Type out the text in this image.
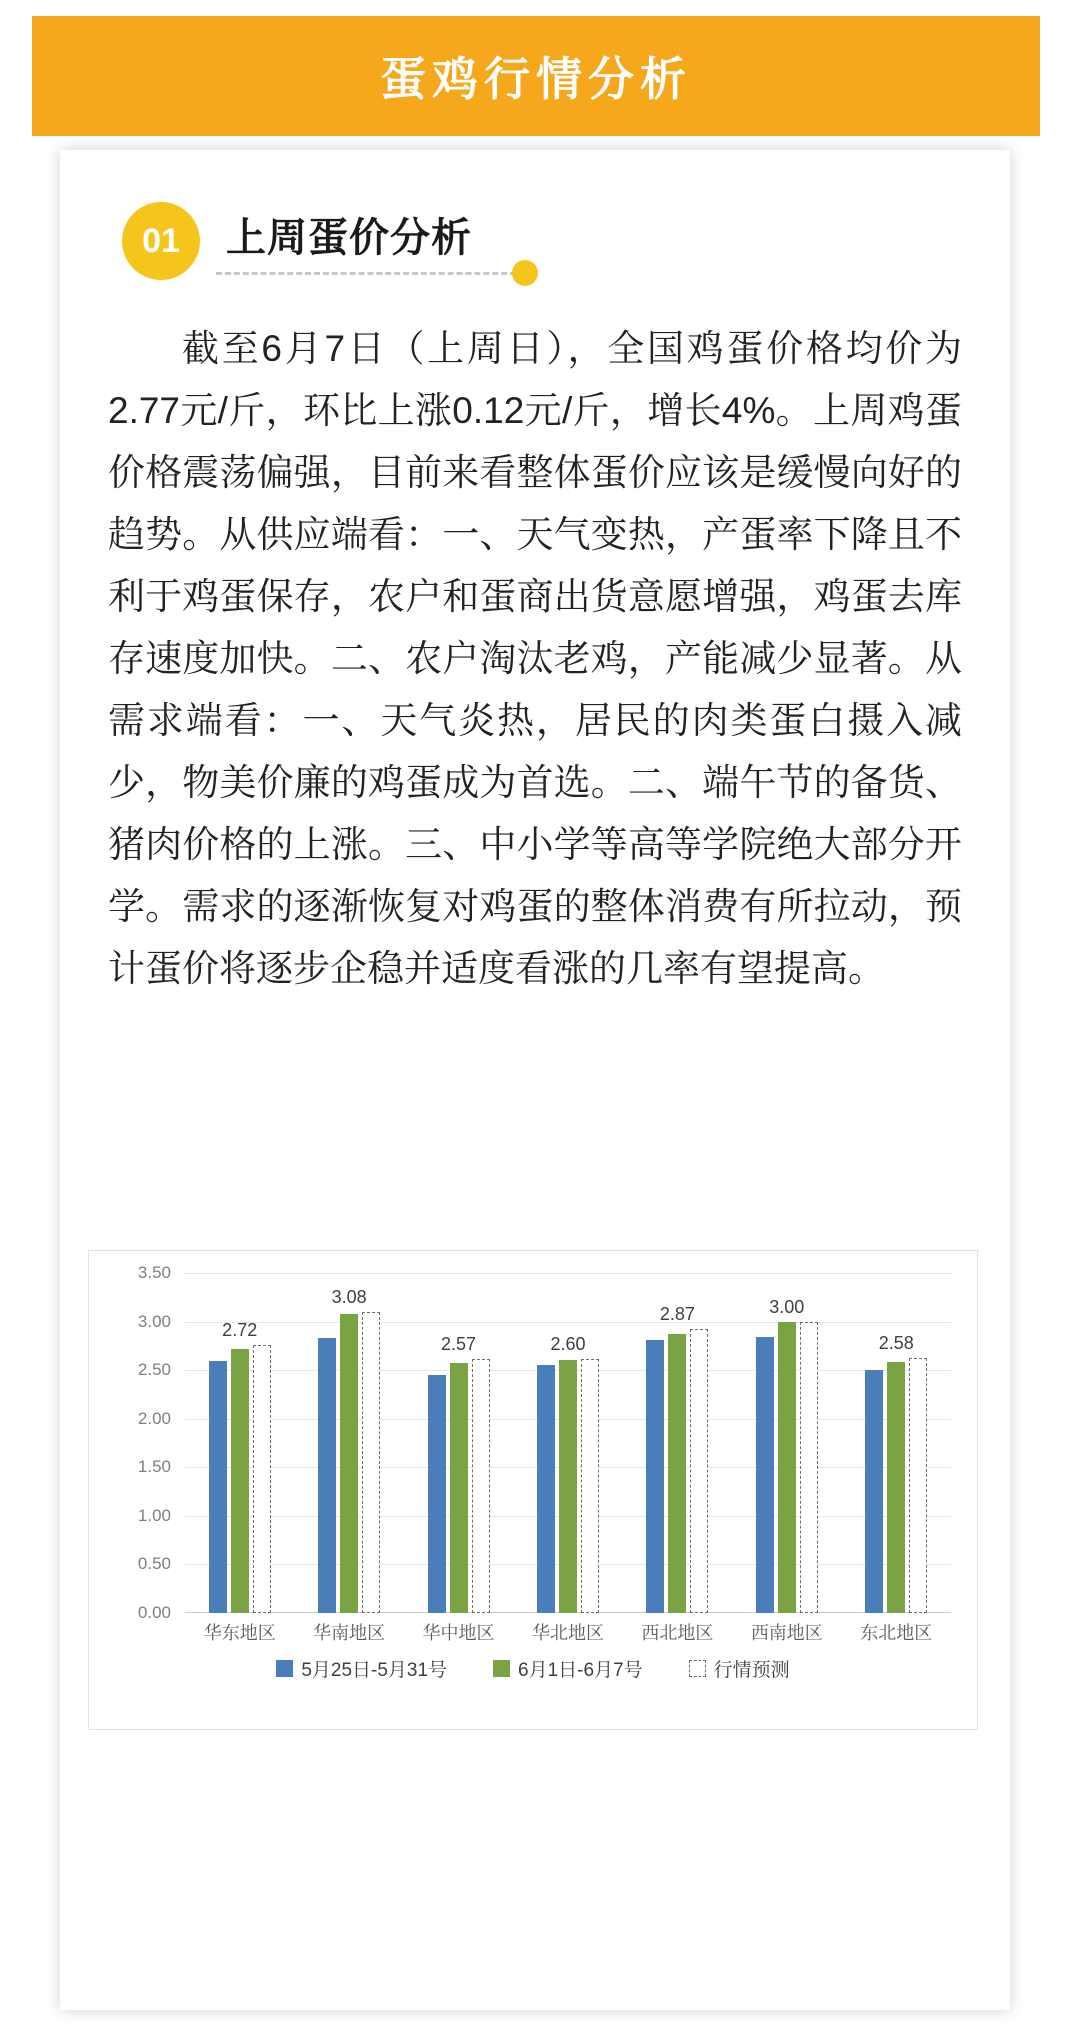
蛋鸡行情分析
01	上周蛋价分析
截至6月7日（上周日），全国鸡蛋价格均价为2.77元/斤，环比上涨0.12元/斤，增长4%。上周鸡蛋价格震荡偏强，目前来看整体蛋价应该是缓慢向好的趋势。从供应端看：一、天气变热，产蛋率下降且不利于鸡蛋保存，农户和蛋商出货意愿增强，鸡蛋去库存速度加快。二、农户淘汰老鸡，产能减少显著。从需求端看：一、天气炎热，居民的肉类蛋白摄入减少，物美价廉的鸡蛋成为首选。二、端午节的备货、猪肉价格的上涨。三、中小学等高等学院绝大部分开学。需求的逐渐恢复对鸡蛋的整体消费有所拉动，预计蛋价将逐步企稳并适度看涨的几率有望提高。
3.50
3.00
2.50
2.00
1.50
1.00
0.50
0.00
2.72
3.08
2.57	2.60
2.87	3.00
2.58
华东地区	华南地区	华中地区	华北地区	西北地区	西南地区	东北地区
5月25日-5月31号	6月1日-6月7号	行情预测
